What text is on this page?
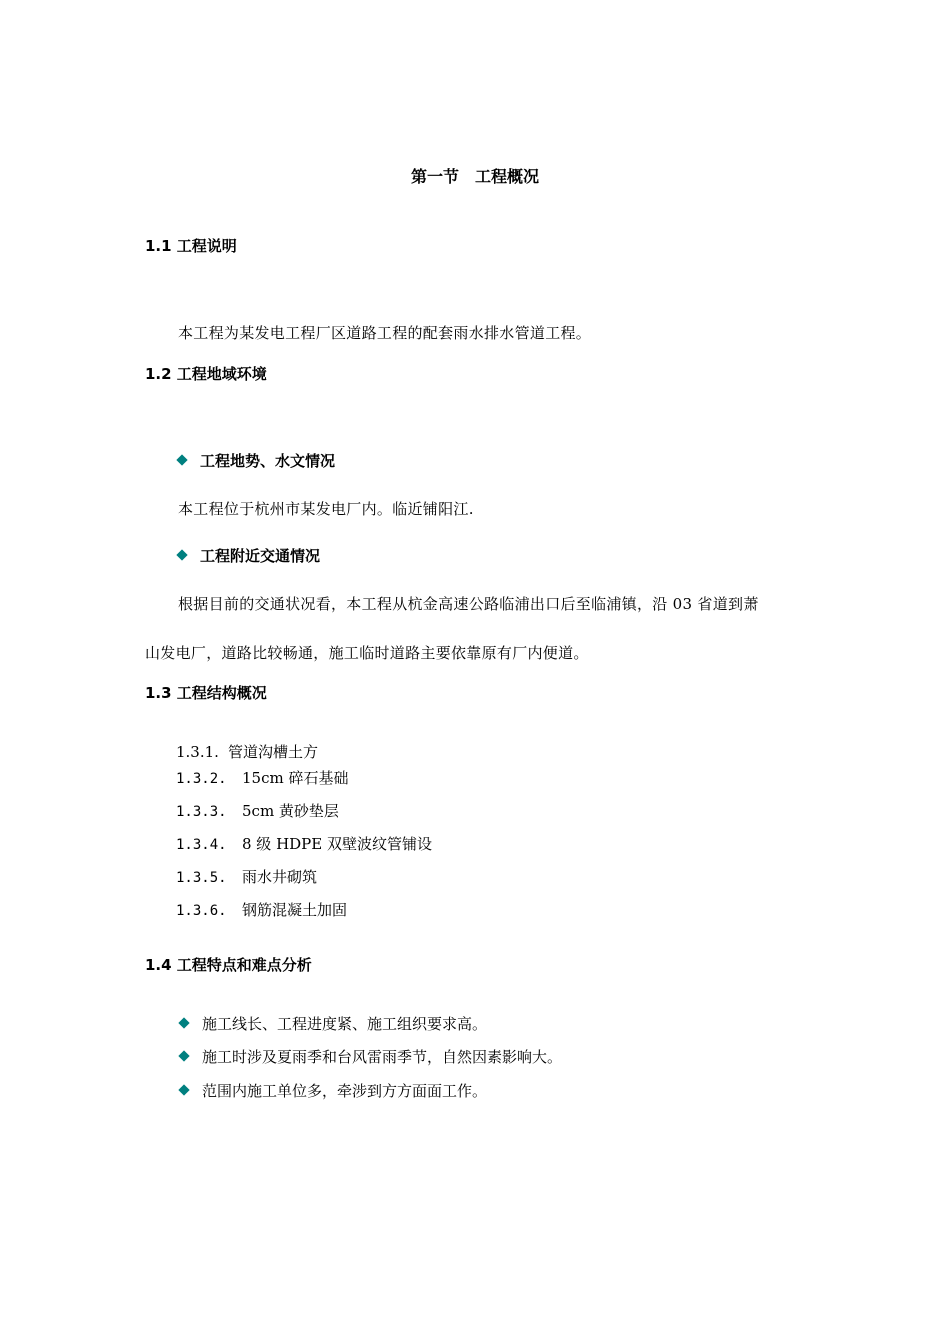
第一节　工程概况
1.1 工程说明
本工程为某发电工程厂区道路工程的配套雨水排水管道工程。
1.2 工程地域环境
工程地势、水文情况
本工程位于杭州市某发电厂内。临近铺阳江.
工程附近交通情况
根据目前的交通状况看，本工程从杭金高速公路临浦出口后至临浦镇，沿 03 省道到萧
山发电厂，道路比较畅通，施工临时道路主要依靠原有厂内便道。
1.3 工程结构概况
1.3.1. 管道沟槽土方
1.3.2. 15cm 碎石基础
1.3.3. 5cm 黄砂垫层
1.3.4. 8 级 HDPE 双壁波纹管铺设
1.3.5. 雨水井砌筑
1.3.6. 钢筋混凝土加固
1.4 工程特点和难点分析
施工线长、工程进度紧、施工组织要求高。
施工时涉及夏雨季和台风雷雨季节，自然因素影响大。
范围内施工单位多，牵涉到方方面面工作。
